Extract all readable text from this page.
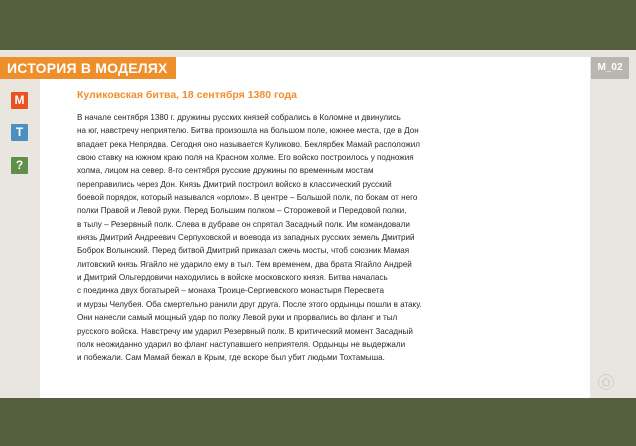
ИСТОРИЯ В МОДЕЛЯХ	M_02
М
Т
?
Куликовская битва, 18 сентября 1380 года

В начале сентября 1380 г. дружины русских князей собрались в Коломне и двинулись

на юг, навстречу неприятелю. Битва произошла на большом поле, южнее места, где в Дон

впадает река Непрядва. Сегодня оно называется Куликово. Беклярбек Мамай расположил

свою ставку на южном краю поля на Красном холме. Его войско построилось у подножия

холма, лицом на север. 8-го сентября русские дружины по временным мостам

переправились через Дон. Князь Дмитрий построил войско в классический русский

боевой порядок, который назывался «орлом». В центре – Большой полк, по бокам от него

полки Правой и Левой руки. Перед Большим полком – Сторожевой и Передовой полки,

в тылу – Резервный полк. Слева в дубраве он спрятал Засадный полк. Им командовали

князь Дмитрий Андреевич Серпуховской и воевода из западных русских земель Дмитрий

Боброк Волынский. Перед битвой Дмитрий приказал сжечь мосты, чтоб союзник Мамая

литовский князь Ягайло не ударило ему в тыл. Тем временем, два брата Ягайло Андрей

и Дмитрий Ольгердовичи находились в войске московского князя. Битва началась

с поединка двух богатырей – монаха Троице-Сергиевского монастыря Пересвета

и мурзы Челубея. Оба смертельно ранили друг друга. После этого ордынцы пошли в атаку.

Они нанесли самый мощный удар по полку Левой руки и прорвались во фланг и тыл

русского войска. Навстречу им ударил Резервный полк. В критический момент Засадный

полк неожиданно ударил во фланг наступавшего неприятеля. Ордынцы не выдержали

и побежали. Сам Мамай бежал в Крым, где вскоре был убит людьми Тохтамыша.
